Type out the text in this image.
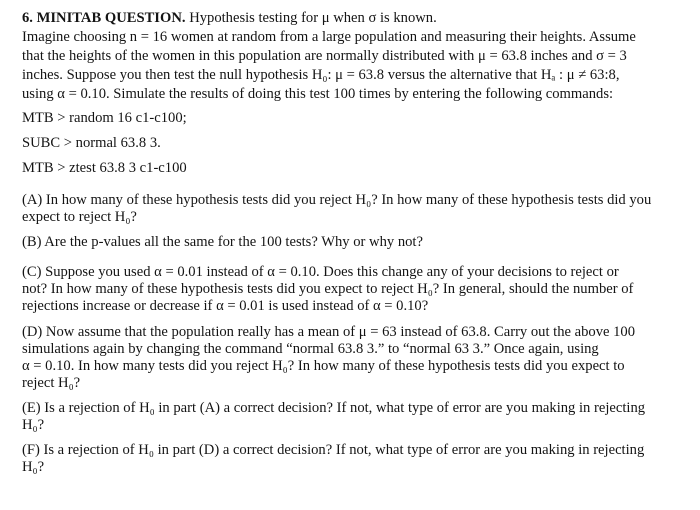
6. MINITAB QUESTION. Hypothesis testing for μ when σ is known.
Imagine choosing n = 16 women at random from a large population and measuring their heights. Assume
that the heights of the women in this population are normally distributed with μ = 63.8 inches and σ = 3
inches. Suppose you then test the null hypothesis H₀: μ = 63.8 versus the alternative that Hₐ : μ ≠ 63:8,
using α = 0.10. Simulate the results of doing this test 100 times by entering the following commands:
MTB > random 16 c1-c100;
SUBC > normal 63.8 3.
MTB > ztest 63.8 3 c1-c100
(A) In how many of these hypothesis tests did you reject H₀? In how many of these hypothesis tests did you
expect to reject H₀?
(B) Are the p-values all the same for the 100 tests? Why or why not?
(C) Suppose you used α = 0.01 instead of α = 0.10. Does this change any of your decisions to reject or
not? In how many of these hypothesis tests did you expect to reject H₀? In general, should the number of
rejections increase or decrease if α = 0.01 is used instead of α = 0.10?
(D) Now assume that the population really has a mean of μ = 63 instead of 63.8. Carry out the above 100
simulations again by changing the command “normal 63.8 3.” to “normal 63 3.” Once again, using
α = 0.10. In how many tests did you reject H₀? In how many of these hypothesis tests did you expect to
reject H₀?
(E) Is a rejection of H₀ in part (A) a correct decision? If not, what type of error are you making in rejecting
H₀?
(F) Is a rejection of H₀ in part (D) a correct decision? If not, what type of error are you making in rejecting
H₀?
